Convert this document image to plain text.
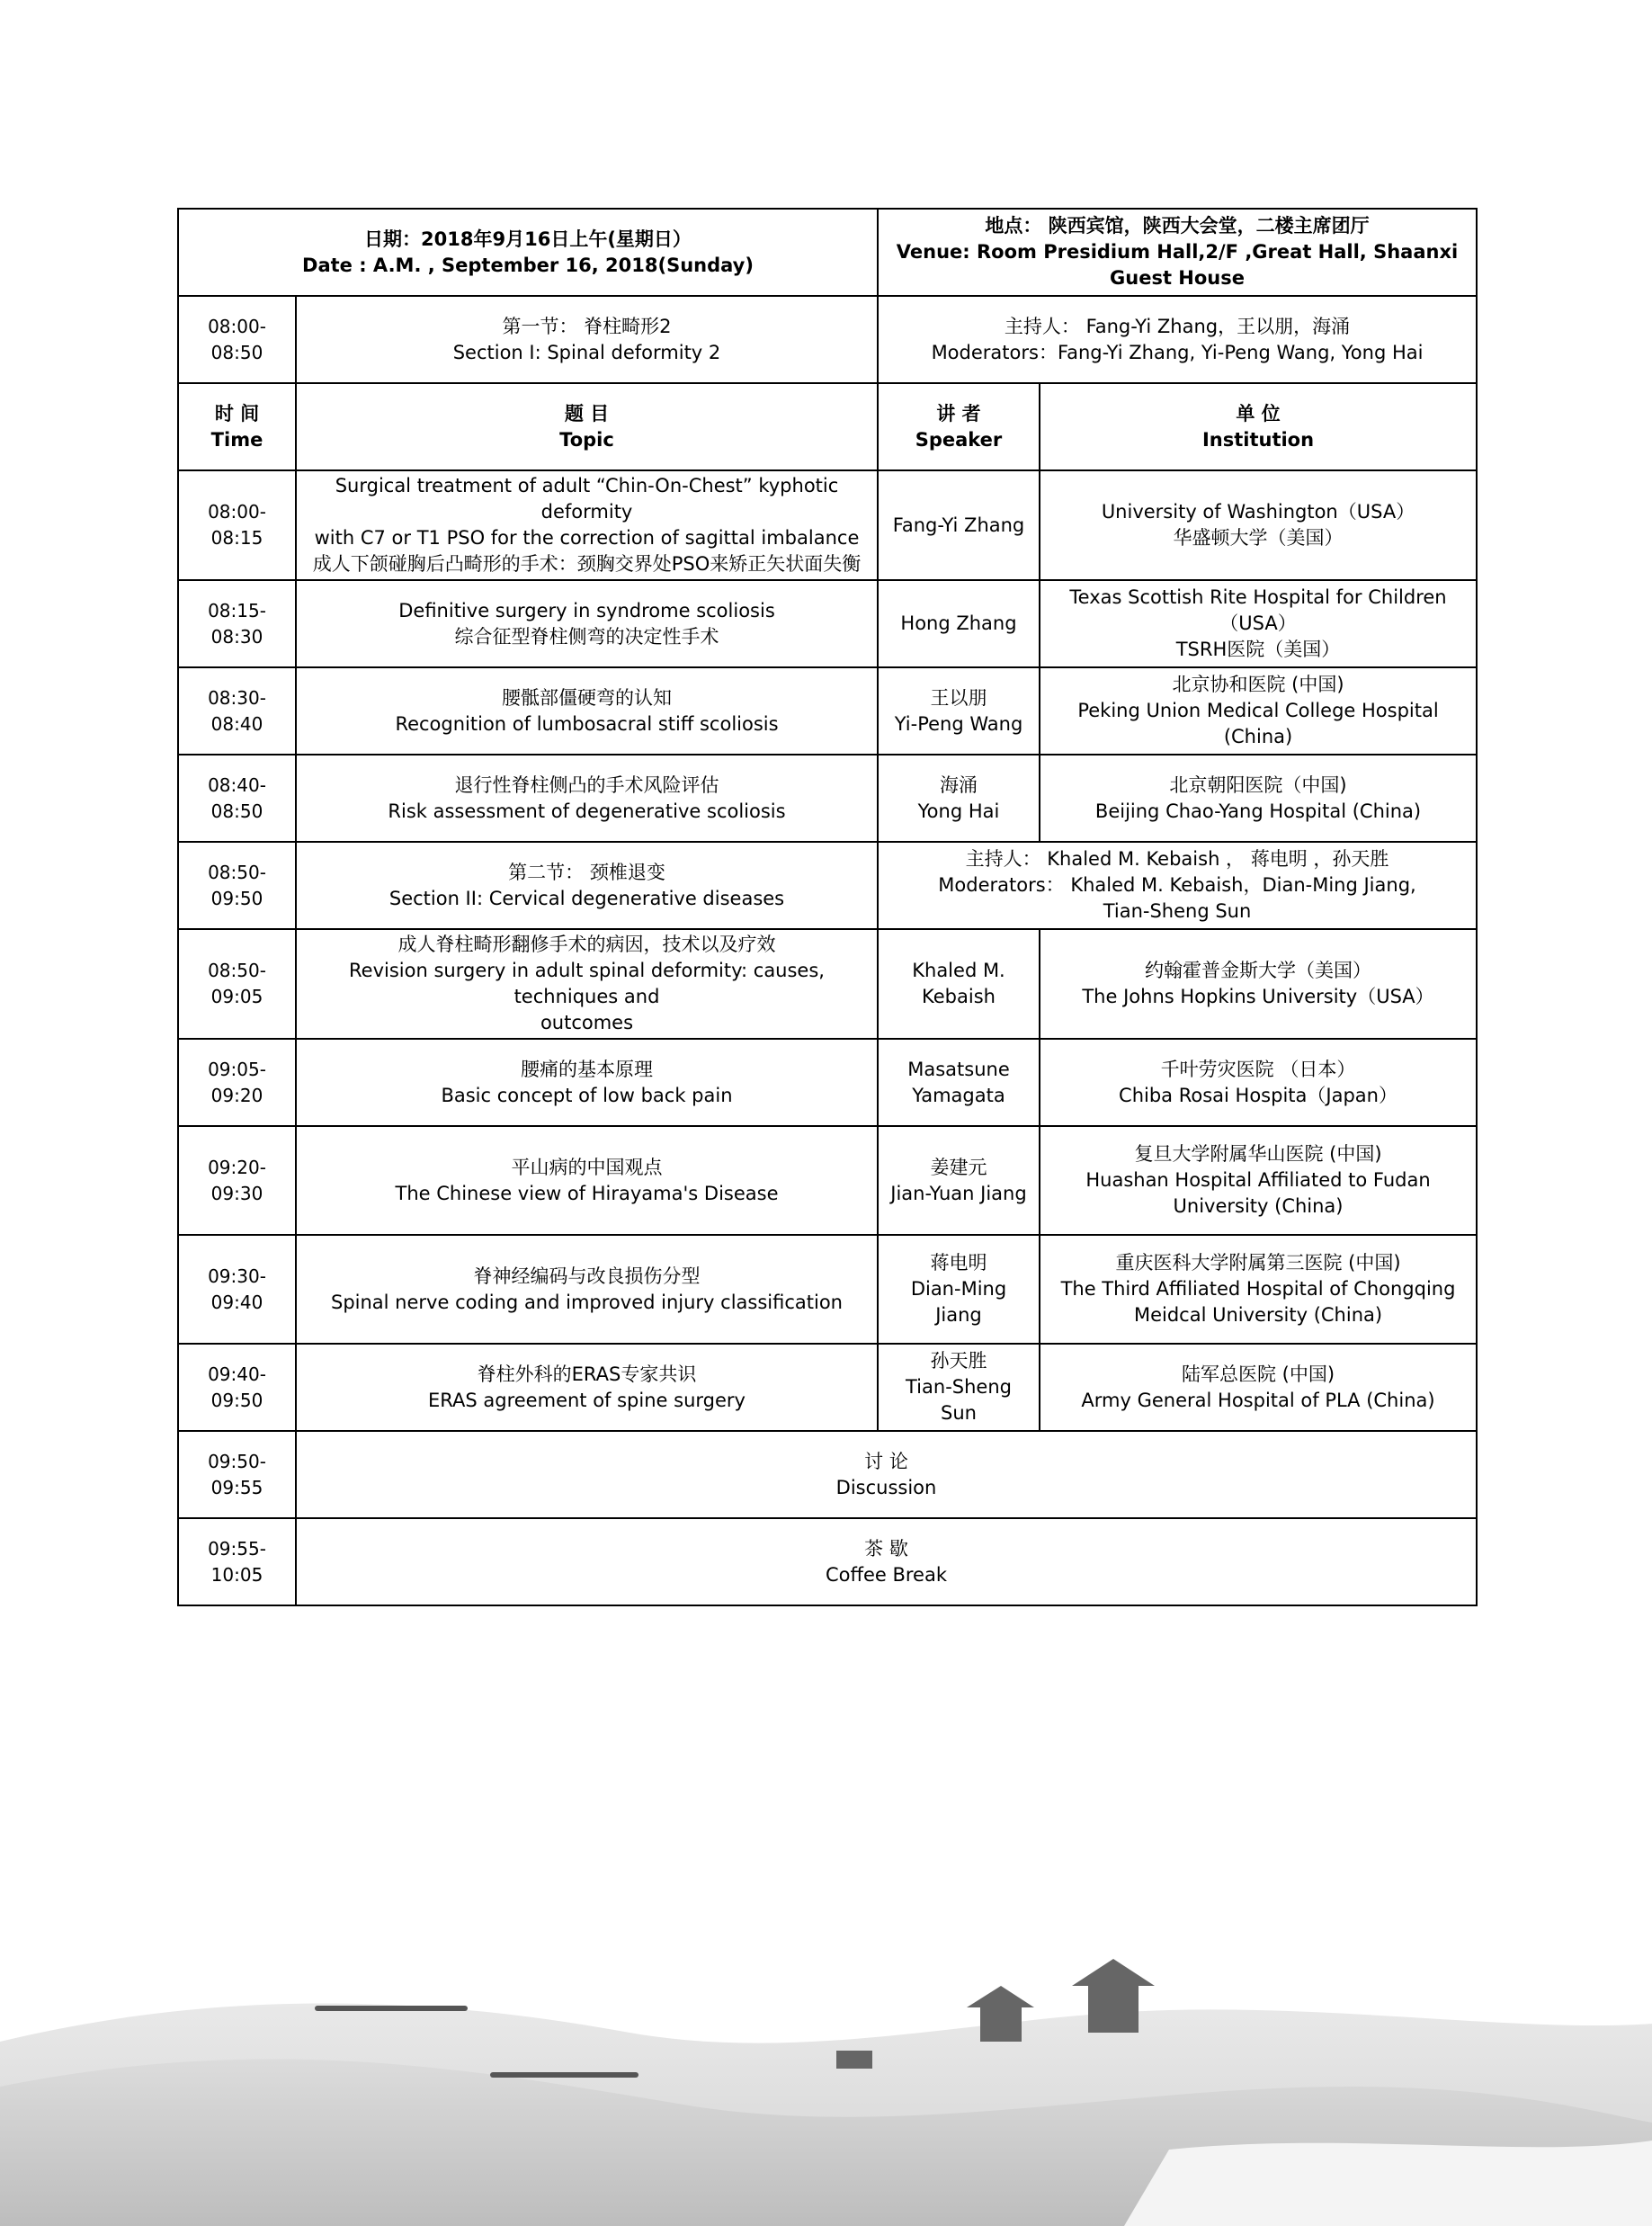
日期：2018年9月16日上午(星期日）
Date : A.M. , September 16, 2018(Sunday)		地点： 陕西宾馆，陕西大会堂，二楼主席团厅
Venue: Room Presidium Hall,2/F ,Great Hall, Shaanxi Guest House	

08:00-08:50	第一节： 脊柱畸形2
Section I: Spinal deformity 2	主持人： Fang-Yi Zhang，王以朋，海涌
Moderators：Fang-Yi Zhang, Yi-Peng Wang, Yong Hai	

时 间
Time	题 目
Topic	讲 者
Speaker	单 位
Institution

08:00-08:15	Surgical treatment of adult “Chin-On-Chest” kyphotic deformity
with C7 or T1 PSO for the correction of sagittal imbalance
成人下颌碰胸后凸畸形的手术：颈胸交界处PSO来矫正矢状面失衡	Fang-Yi Zhang	University of Washington（USA）
华盛顿大学（美国）

08:15-08:30	Definitive surgery in syndrome scoliosis
综合征型脊柱侧弯的决定性手术	Hong Zhang	Texas Scottish Rite Hospital for Children（USA）
TSRH医院（美国）

08:30-08:40	腰骶部僵硬弯的认知
Recognition of lumbosacral stiff scoliosis	王以朋
Yi-Peng Wang	北京协和医院 (中国)
Peking Union Medical College Hospital (China)

08:40-08:50	退行性脊柱侧凸的手术风险评估
Risk assessment of degenerative scoliosis	海涌
Yong Hai	北京朝阳医院（中国)
Beijing Chao-Yang Hospital (China)

08:50-09:50	第二节： 颈椎退变
Section II: Cervical degenerative diseases	主持人： Khaled M. Kebaish ， 蒋电明 ，孙天胜
Moderators： Khaled M. Kebaish，Dian-Ming Jiang,
Tian-Sheng Sun	

08:50-09:05	成人脊柱畸形翻修手术的病因，技术以及疗效
Revision surgery in adult spinal deformity: causes, techniques and
outcomes	Khaled M.
Kebaish	约翰霍普金斯大学（美国）
The Johns Hopkins University（USA）

09:05-09:20	腰痛的基本原理
Basic concept of low back pain	Masatsune
Yamagata	千叶劳灾医院 （日本）
Chiba Rosai Hospita（Japan）

09:20-09:30	平山病的中国观点
The Chinese view of Hirayama's Disease	姜建元
Jian-Yuan Jiang	复旦大学附属华山医院 (中国)
Huashan Hospital Affiliated to Fudan
University (China)

09:30-09:40	脊神经编码与改良损伤分型
Spinal nerve coding and improved injury classification	蒋电明
Dian-Ming Jiang	重庆医科大学附属第三医院 (中国)
The Third Affiliated Hospital of Chongqing
Meidcal University (China)

09:40-09:50	脊柱外科的ERAS专家共识
ERAS agreement of spine surgery	孙天胜
Tian-Sheng Sun	陆军总医院 (中国)
Army General Hospital of PLA (China)

09:50-09:55	讨 论
Discussion		

09:55-10:05	茶 歇
Coffee Break		
